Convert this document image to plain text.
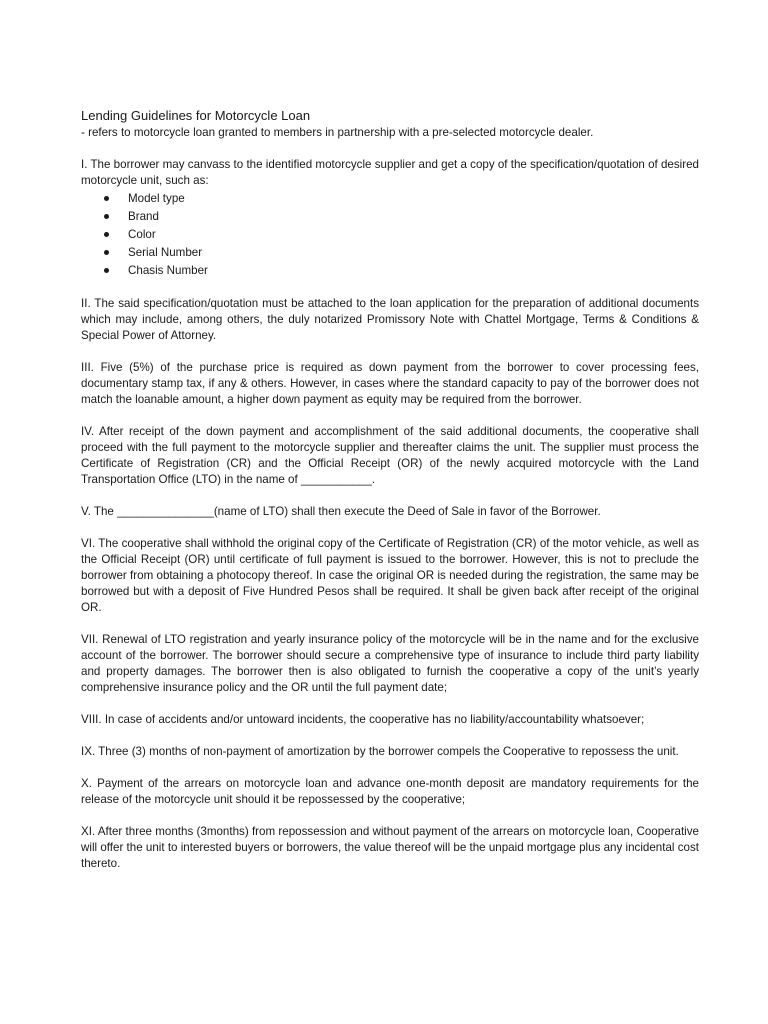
Lending Guidelines for Motorcycle Loan

- refers to motorcycle loan granted to members in partnership with a pre-selected motorcycle dealer.

I. The borrower may canvass to the identified motorcycle supplier and get a copy of the specification/quotation of desired motorcycle unit, such as:

Model type
Brand
Color
Serial Number
Chasis Number

II. The said specification/quotation must be attached to the loan application for the preparation of additional documents which may include, among others, the duly notarized Promissory Note with Chattel Mortgage, Terms & Conditions & Special Power of Attorney.

III. Five (5%) of the purchase price is required as down payment from the borrower to cover processing fees, documentary stamp tax, if any & others. However, in cases where the standard capacity to pay of the borrower does not match the loanable amount, a higher down payment as equity may be required from the borrower.

IV. After receipt of the down payment and accomplishment of the said additional documents, the cooperative shall proceed with the full payment to the motorcycle supplier and thereafter claims the unit. The supplier must process the Certificate of Registration (CR) and the Official Receipt (OR) of the newly acquired motorcycle with the Land Transportation Office (LTO) in the name of ___________.

V. The _______________(name of LTO) shall then execute the Deed of Sale in favor of the Borrower.

VI. The cooperative shall withhold the original copy of the Certificate of Registration (CR) of the motor vehicle, as well as the Official Receipt (OR) until certificate of full payment is issued to the borrower. However, this is not to preclude the borrower from obtaining a photocopy thereof. In case the original OR is needed during the registration, the same may be borrowed but with a deposit of Five Hundred Pesos shall be required. It shall be given back after receipt of the original OR.

VII. Renewal of LTO registration and yearly insurance policy of the motorcycle will be in the name and for the exclusive account of the borrower. The borrower should secure a comprehensive type of insurance to include third party liability and property damages. The borrower then is also obligated to furnish the cooperative a copy of the unit’s yearly comprehensive insurance policy and the OR until the full payment date;

VIII. In case of accidents and/or untoward incidents, the cooperative has no liability/accountability whatsoever;

IX. Three (3) months of non-payment of amortization by the borrower compels the Cooperative to repossess the unit.

X. Payment of the arrears on motorcycle loan and advance one-month deposit are mandatory requirements for the release of the motorcycle unit should it be repossessed by the cooperative;

XI. After three months (3months) from repossession and without payment of the arrears on motorcycle loan, Cooperative will offer the unit to interested buyers or borrowers, the value thereof will be the unpaid mortgage plus any incidental cost thereto.
